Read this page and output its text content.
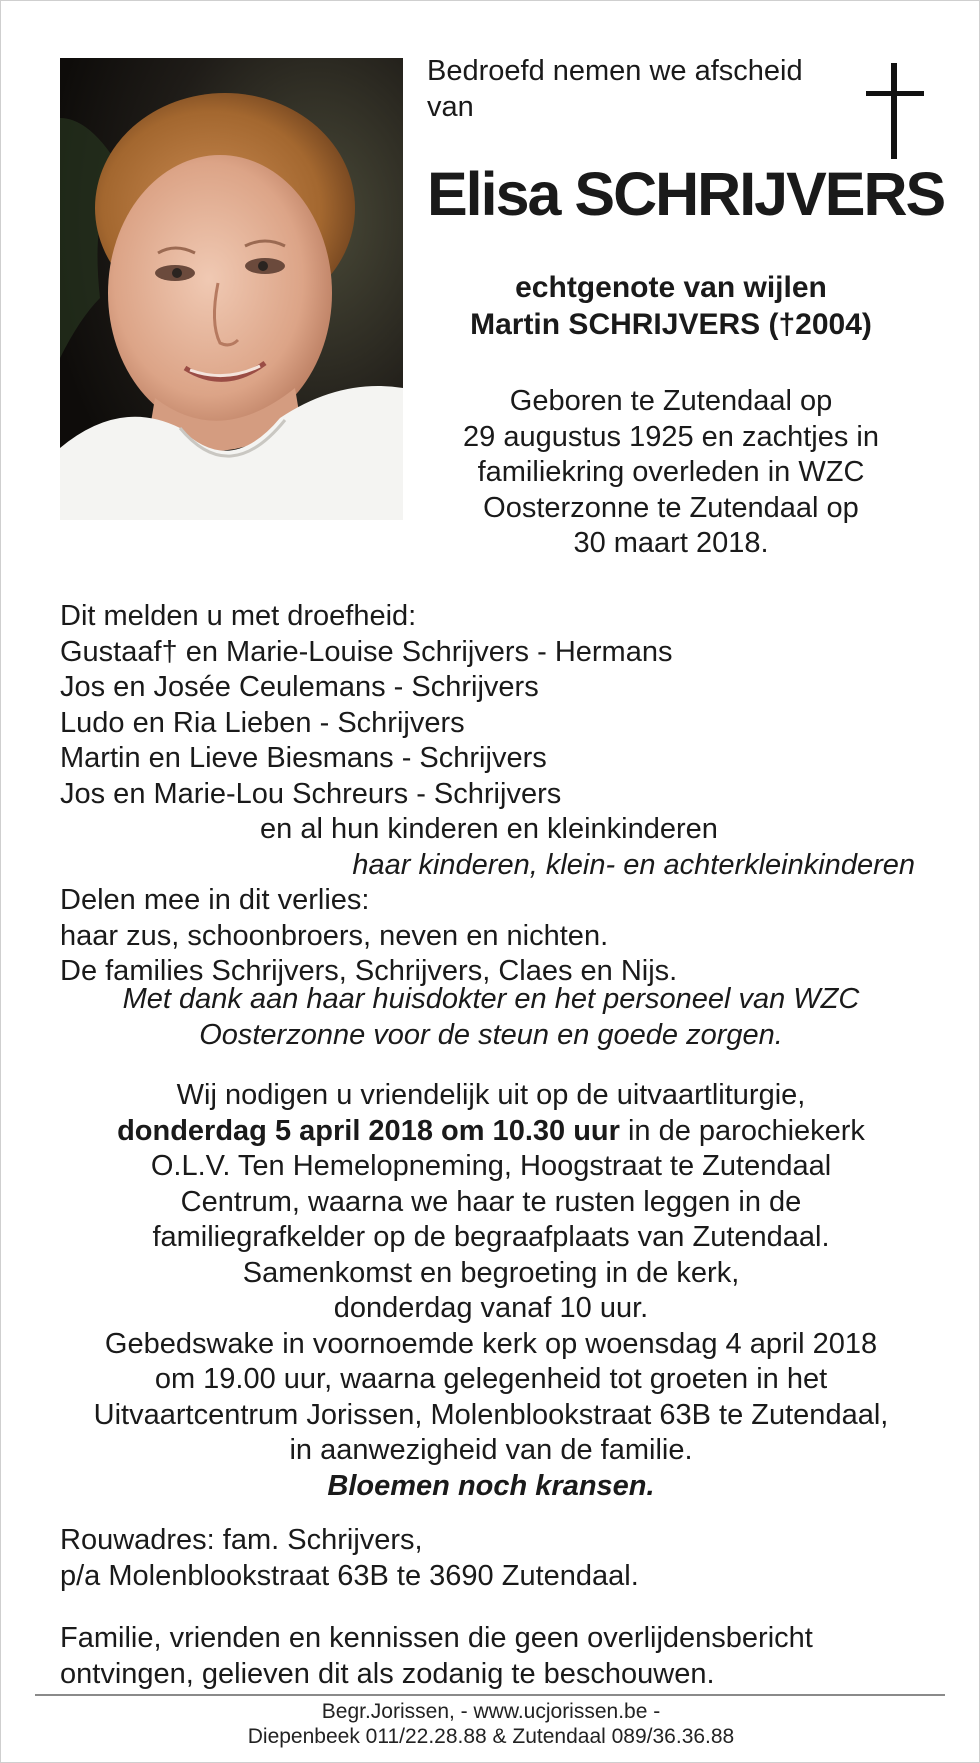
Bedroefd nemen we afscheid
van
Elisa SCHRIJVERS
echtgenote van wijlen
Martin SCHRIJVERS (†2004)
Geboren te Zutendaal op
29 augustus 1925 en zachtjes in
familiekring overleden in WZC
Oosterzonne te Zutendaal op
30 maart 2018.
Dit melden u met droefheid:
Gustaaf† en Marie-Louise Schrijvers - Hermans
Jos en Josée Ceulemans - Schrijvers
Ludo en Ria Lieben - Schrijvers
Martin en Lieve Biesmans - Schrijvers
Jos en Marie-Lou Schreurs - Schrijvers
en al hun kinderen en kleinkinderen
haar kinderen, klein- en achterkleinkinderen
Delen mee in dit verlies:
haar zus, schoonbroers, neven en nichten.
De families Schrijvers, Schrijvers, Claes en Nijs.
Met dank aan haar huisdokter en het personeel van WZC
Oosterzonne voor de steun en goede zorgen.
Wij nodigen u vriendelijk uit op de uitvaartliturgie,
donderdag 5 april 2018 om 10.30 uur in de parochiekerk
O.L.V. Ten Hemelopneming, Hoogstraat te Zutendaal
Centrum, waarna we haar te rusten leggen in de
familiegrafkelder op de begraafplaats van Zutendaal.
Samenkomst en begroeting in de kerk,
donderdag vanaf 10 uur.
Gebedswake in voornoemde kerk op woensdag 4 april 2018
om 19.00 uur, waarna gelegenheid tot groeten in het
Uitvaartcentrum Jorissen, Molenblookstraat 63B te Zutendaal,
in aanwezigheid van de familie.
Bloemen noch kransen.
Rouwadres: fam. Schrijvers,
p/a Molenblookstraat 63B te 3690 Zutendaal.
Familie, vrienden en kennissen die geen overlijdensbericht
ontvingen, gelieven dit als zodanig te beschouwen.
Begr.Jorissen, - www.ucjorissen.be -
Diepenbeek 011/22.28.88 & Zutendaal 089/36.36.88
